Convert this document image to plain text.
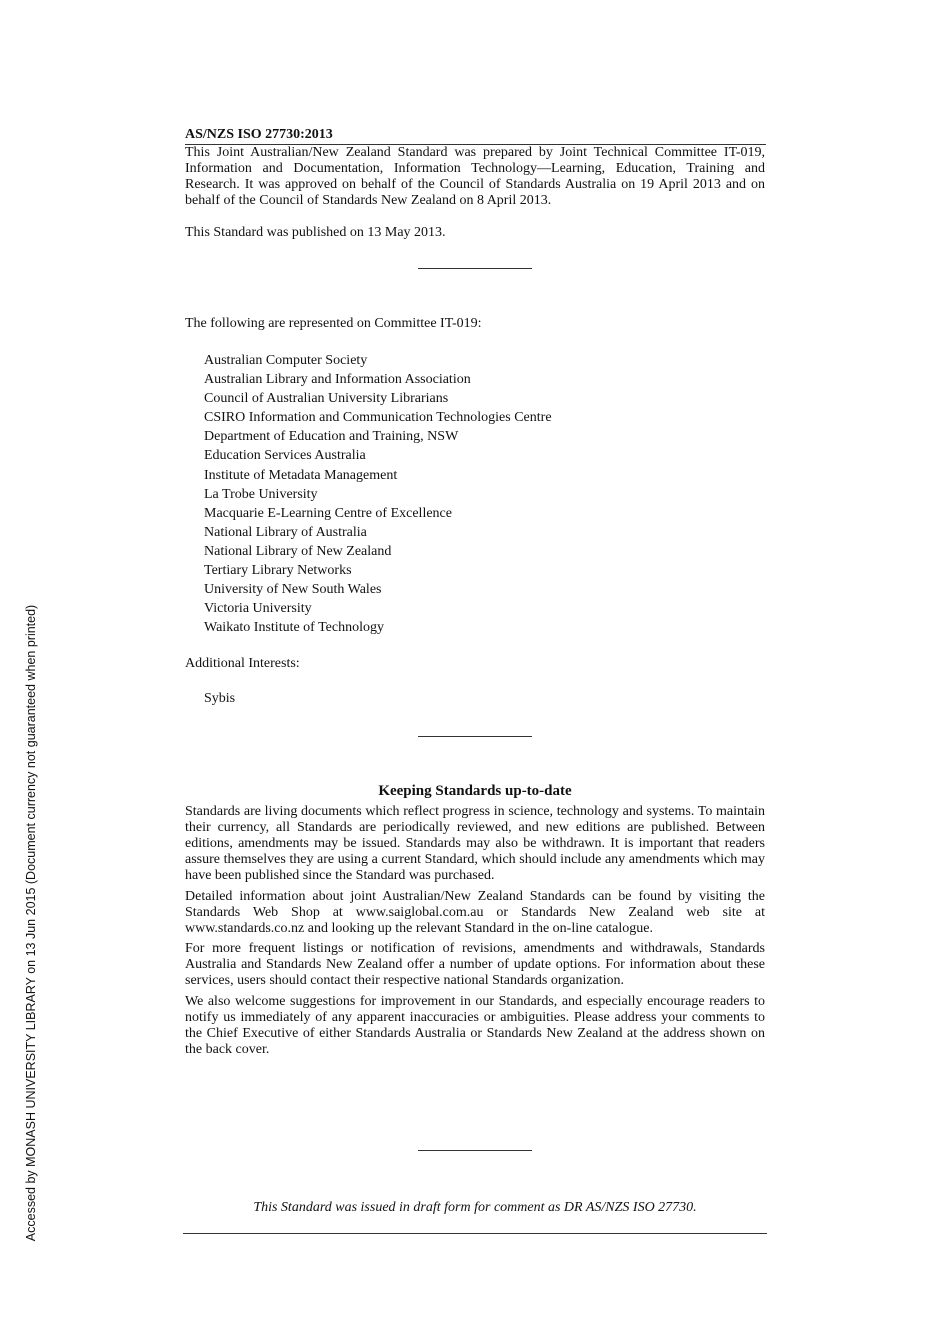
AS/NZS ISO 27730:2013

This Joint Australian/New Zealand Standard was prepared by Joint Technical Committee IT-019, Information and Documentation, Information Technology—Learning, Education, Training and Research. It was approved on behalf of the Council of Standards Australia on 19 April 2013 and on behalf of the Council of Standards New Zealand on 8 April 2013.

This Standard was published on 13 May 2013.

The following are represented on Committee IT-019:

Australian Computer Society
Australian Library and Information Association
Council of Australian University Librarians
CSIRO Information and Communication Technologies Centre
Department of Education and Training, NSW
Education Services Australia
Institute of Metadata Management
La Trobe University
Macquarie E-Learning Centre of Excellence
National Library of Australia
National Library of New Zealand
Tertiary Library Networks
University of New South Wales
Victoria University
Waikato Institute of Technology

Additional Interests:

Sybis

Keeping Standards up-to-date

Standards are living documents which reflect progress in science, technology and systems. To maintain their currency, all Standards are periodically reviewed, and new editions are published. Between editions, amendments may be issued. Standards may also be withdrawn. It is important that readers assure themselves they are using a current Standard, which should include any amendments which may have been published since the Standard was purchased.

Detailed information about joint Australian/New Zealand Standards can be found by visiting the Standards Web Shop at www.saiglobal.com.au or Standards New Zealand web site at www.standards.co.nz and looking up the relevant Standard in the on-line catalogue.

For more frequent listings or notification of revisions, amendments and withdrawals, Standards Australia and Standards New Zealand offer a number of update options. For information about these services, users should contact their respective national Standards organization.

We also welcome suggestions for improvement in our Standards, and especially encourage readers to notify us immediately of any apparent inaccuracies or ambiguities. Please address your comments to the Chief Executive of either Standards Australia or Standards New Zealand at the address shown on the back cover.

This Standard was issued in draft form for comment as DR AS/NZS ISO 27730.

Accessed by MONASH UNIVERSITY LIBRARY on 13 Jun 2015 (Document currency not guaranteed when printed)
